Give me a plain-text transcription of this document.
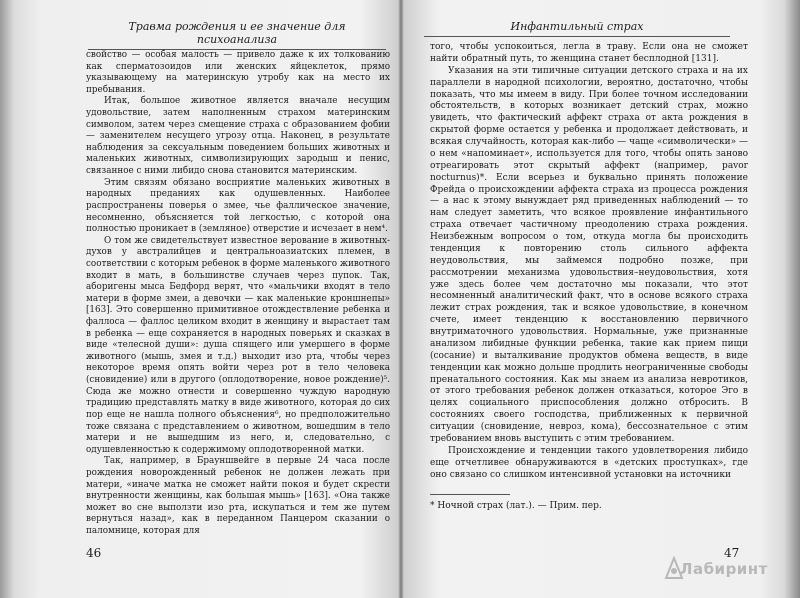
Травма рождения и ее значение для психоанализа

свойство — особая малость — привело даже к их толкованию как сперматозоидов или женских яйцеклеток, прямо указывающему на материнскую утробу как на место их пребывания.

Итак, большое животное является вначале несущим удовольствие, затем наполненным страхом материнским символом, затем через смещение страха с образованием фобии — заменителем несущего угрозу отца. Наконец, в результате наблюдения за сексуальным поведением больших животных и маленьких животных, символизирующих зародыш и пенис, связанное с ними либидо снова становится материнским.

Этим связям обязано восприятие маленьких животных в народных преданиях как одушевленных. Наиболее распространены поверья о змее, чье фаллическое значение, несомненно, объясняется той легкостью, с которой она полностью проникает в (земляное) отверстие и исчезает в нем⁴.

О том же свидетельствует известное верование в животных-духов у австралийцев и центральноазиатских племен, в соответствии с которым ребенок в форме маленького животного входит в мать, в большинстве случаев через пупок. Так, аборигены мыса Бедфорд верят, что «мальчики входят в тело матери в форме змеи, а девочки — как маленькие кроншнепы» [163]. Это совершенно примитивное отождествление ребенка и фаллоса — фаллос целиком входит в женщину и вырастает там в ребенка — еще сохраняется в народных поверьях и сказках в виде «телесной души»: душа спящего или умершего в форме животного (мышь, змея и т.д.) выходит изо рта, чтобы через некоторое время опять войти через рот в тело человека (сновидение) или в другого (оплодотворение, новое рождение)⁵. Сюда же можно отнести и совершенно чуждую народную традицию представлять матку в виде животного, которая до сих пор еще не нашла полного объяснения⁶, но предположительно тоже связана с представлением о животном, вошедшим в тело матери и не вышедшим из него, и, следовательно, с одушевленностью к содержимому оплодотворенной матки.

Так, например, в Брауншвейге в первые 24 часа после рождения новорожденный ребенок не должен лежать при матери, «иначе матка не сможет найти покоя и будет скрести внутренности женщины, как большая мышь» [163]. «Она также может во сне выползти изо рта, искупаться и тем же путем вернуться назад», как в переданном Панцером сказании о паломнице, которая для

46
Инфантильный страх

того, чтобы успокоиться, легла в траву. Если она не сможет найти обратный путь, то женщина станет бесплодной [131].

Указания на эти типичные ситуации детского страха и на их параллели в народной психологии, вероятно, достаточно, чтобы показать, что мы имеем в виду. При более точном исследовании обстоятельств, в которых возникает детский страх, можно увидеть, что фактический аффект страха от акта рождения в скрытой форме остается у ребенка и продолжает действовать, и всякая случайность, которая как-либо — чаще «символически» — о нем «напоминает», используется для того, чтобы опять заново отреагировать этот скрытый аффект (например, pavor nocturnus)*. Если всерьез и буквально принять положение Фрейда о происхождении аффекта страха из процесса рождения — а нас к этому вынуждает ряд приведенных наблюдений — то нам следует заметить, что всякое проявление инфантильного страха отвечает частичному преодолению страха рождения. Неизбежным вопросом о том, откуда могла бы происходить тенденция к повторению столь сильного аффекта неудовольствия, мы займемся подробно позже, при рассмотрении механизма удовольствия–неудовольствия, хотя уже здесь более чем достаточно мы показали, что этот несомненный аналитический факт, что в основе всякого страха лежит страх рождения, так и всякое удовольствие, в конечном счете, имеет тенденцию к восстановлению первичного внутриматочного удовольствия. Нормальные, уже признанные анализом либидные функции ребенка, такие как прием пищи (сосание) и выталкивание продуктов обмена веществ, в виде тенденции как можно дольше продлить неограниченные свободы пренатального состояния. Как мы знаем из анализа невротиков, от этого требования ребенок должен отказаться, которое Эго в целях социального приспособления должно отбросить. В состояниях своего господства, приближенных к первичной ситуации (сновидение, невроз, кома), бессознательное с этим требованием вновь выступить с этим требованием.

Происхождение и тенденции такого удовлетворения либидо еще отчетливее обнаруживаются в «детских проступках», где оно связано со слишком интенсивной установки на источники

* Ночной страх (лат.). — Прим. пер.
47
Лабиринт
